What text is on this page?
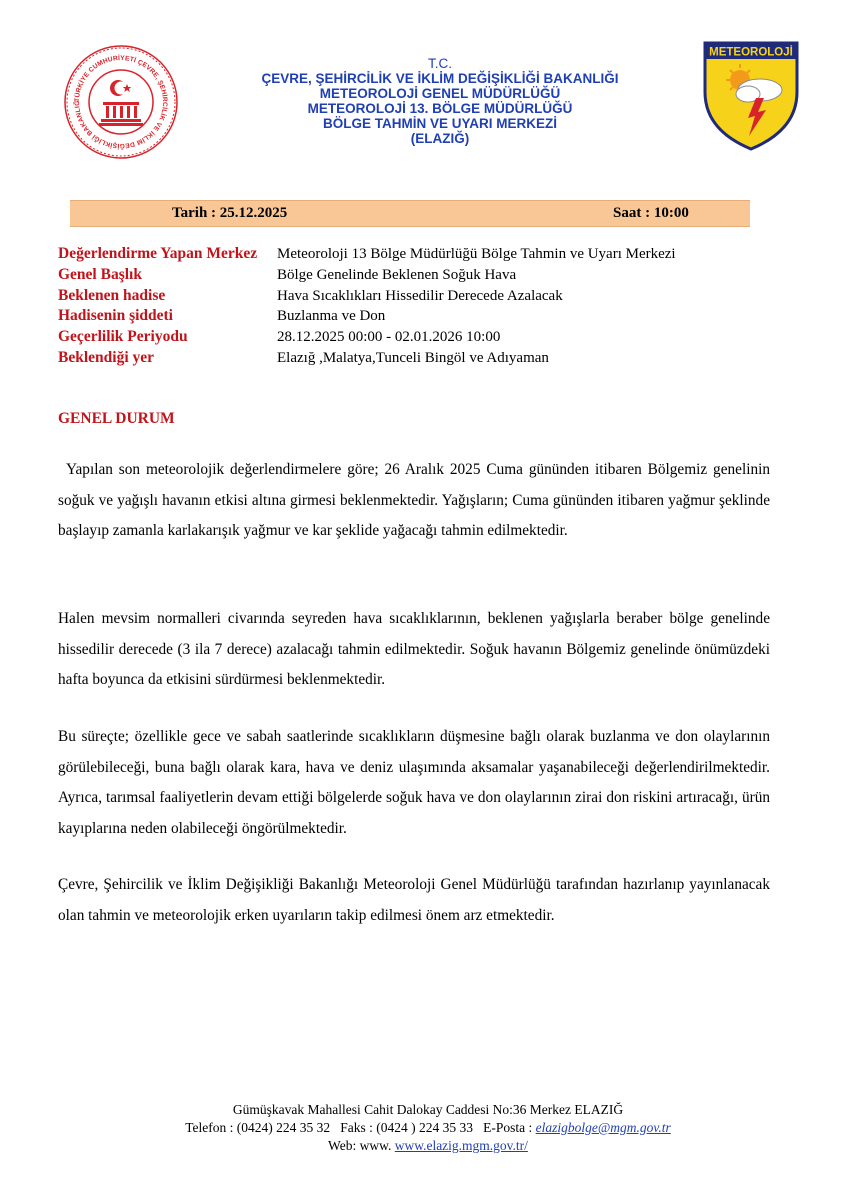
TÜRKİYE CUMHURİYETİ ÇEVRE, ŞEHİRCİLİK VE İKLİM DEĞİŞİKLİĞİ BAKANLIĞ
T.C.
ÇEVRE, ŞEHİRCİLİK VE İKLİM DEĞİŞİKLİĞİ BAKANLIĞI
METEOROLOJİ GENEL MÜDÜRLÜĞÜ
METEOROLOJİ 13. BÖLGE MÜDÜRLÜĞÜ
BÖLGE TAHMİN VE UYARI MERKEZİ
(ELAZIĞ)
METEOROLOJİ
Tarih : 25.12.2025	Saat : 10:00
Değerlendirme Yapan Merkez	Meteoroloji 13 Bölge Müdürlüğü Bölge Tahmin ve Uyarı Merkezi
Genel Başlık	Bölge Genelinde Beklenen Soğuk Hava
Beklenen hadise	Hava Sıcaklıkları Hissedilir Derecede Azalacak
Hadisenin şiddeti	Buzlanma ve Don
Geçerlilik Periyodu	28.12.2025 00:00 - 02.01.2026 10:00
Beklendiği yer	Elazığ ,Malatya,Tunceli Bingöl ve Adıyaman
GENEL DURUM

Yapılan son meteorolojik değerlendirmelere göre; 26 Aralık 2025 Cuma gününden itibaren Bölgemiz genelinin soğuk ve yağışlı havanın etkisi altına girmesi beklenmektedir. Yağışların; Cuma gününden itibaren yağmur şeklinde başlayıp zamanla karlakarışık yağmur ve kar şeklide yağacağı tahmin edilmektedir.

Halen mevsim normalleri civarında seyreden hava sıcaklıklarının, beklenen yağışlarla beraber bölge genelinde hissedilir derecede (3 ila 7 derece) azalacağı tahmin edilmektedir. Soğuk havanın Bölgemiz genelinde önümüzdeki hafta boyunca da etkisini sürdürmesi beklenmektedir.

Bu süreçte; özellikle gece ve sabah saatlerinde sıcaklıkların düşmesine bağlı olarak buzlanma ve don olaylarının görülebileceği, buna bağlı olarak kara, hava ve deniz ulaşımında aksamalar yaşanabileceği değerlendirilmektedir. Ayrıca, tarımsal faaliyetlerin devam ettiği bölgelerde soğuk hava ve don olaylarının zirai don riskini artıracağı, ürün kayıplarına neden olabileceği öngörülmektedir.

Çevre, Şehircilik ve İklim Değişikliği Bakanlığı Meteoroloji Genel Müdürlüğü tarafından hazırlanıp yayınlanacak olan tahmin ve meteorolojik erken uyarıların takip edilmesi önem arz etmektedir.

Gümüşkavak Mahallesi Cahit Dalokay Caddesi No:36 Merkez ELAZIĞ
Telefon : (0424) 224 35 32 Faks : (0424 ) 224 35 33 E-Posta : elazigbolge@mgm.gov.tr
Web: www. www.elazig.mgm.gov.tr/
